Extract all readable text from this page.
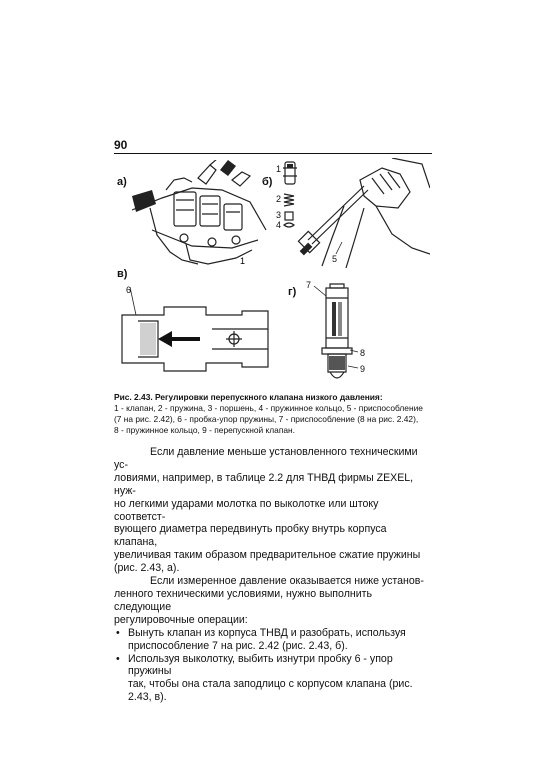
90
а)
1
б)
1
2
3
4
5
в)
6	г)
7
8
9
Рис. 2.43. Регулировки перепускного клапана низкого давления:
1 - клапан, 2 - пружина, 3 - поршень, 4 - пружинное кольцо, 5 - приспособление
(7 на рис. 2.42), 6 - пробка-упор пружины, 7 - приспособление (8 на рис. 2.42),
8 - пружинное кольцо, 9 - перепускной клапан.

Если давление меньше установленного техническими ус-

ловиями, например, в таблице 2.2 для ТНВД фирмы ZEXEL, нуж-

но легкими ударами молотка по выколотке или штоку соответст-

вующего диаметра передвинуть пробку внутрь корпуса клапана,

увеличивая таким образом предварительное сжатие пружины

(рис. 2.43, а).

Если измеренное давление оказывается ниже установ-

ленного техническими условиями, нужно выполнить следующие

регулировочные операции:

• Вынуть клапан из корпуса ТНВД и разобрать, используя
приспособление 7 на рис. 2.42 (рис. 2.43, б).
• Используя выколотку, выбить изнутри пробку 6 - упор пружины
так, чтобы она стала заподлицо с корпусом клапана (рис. 2.43, в).
